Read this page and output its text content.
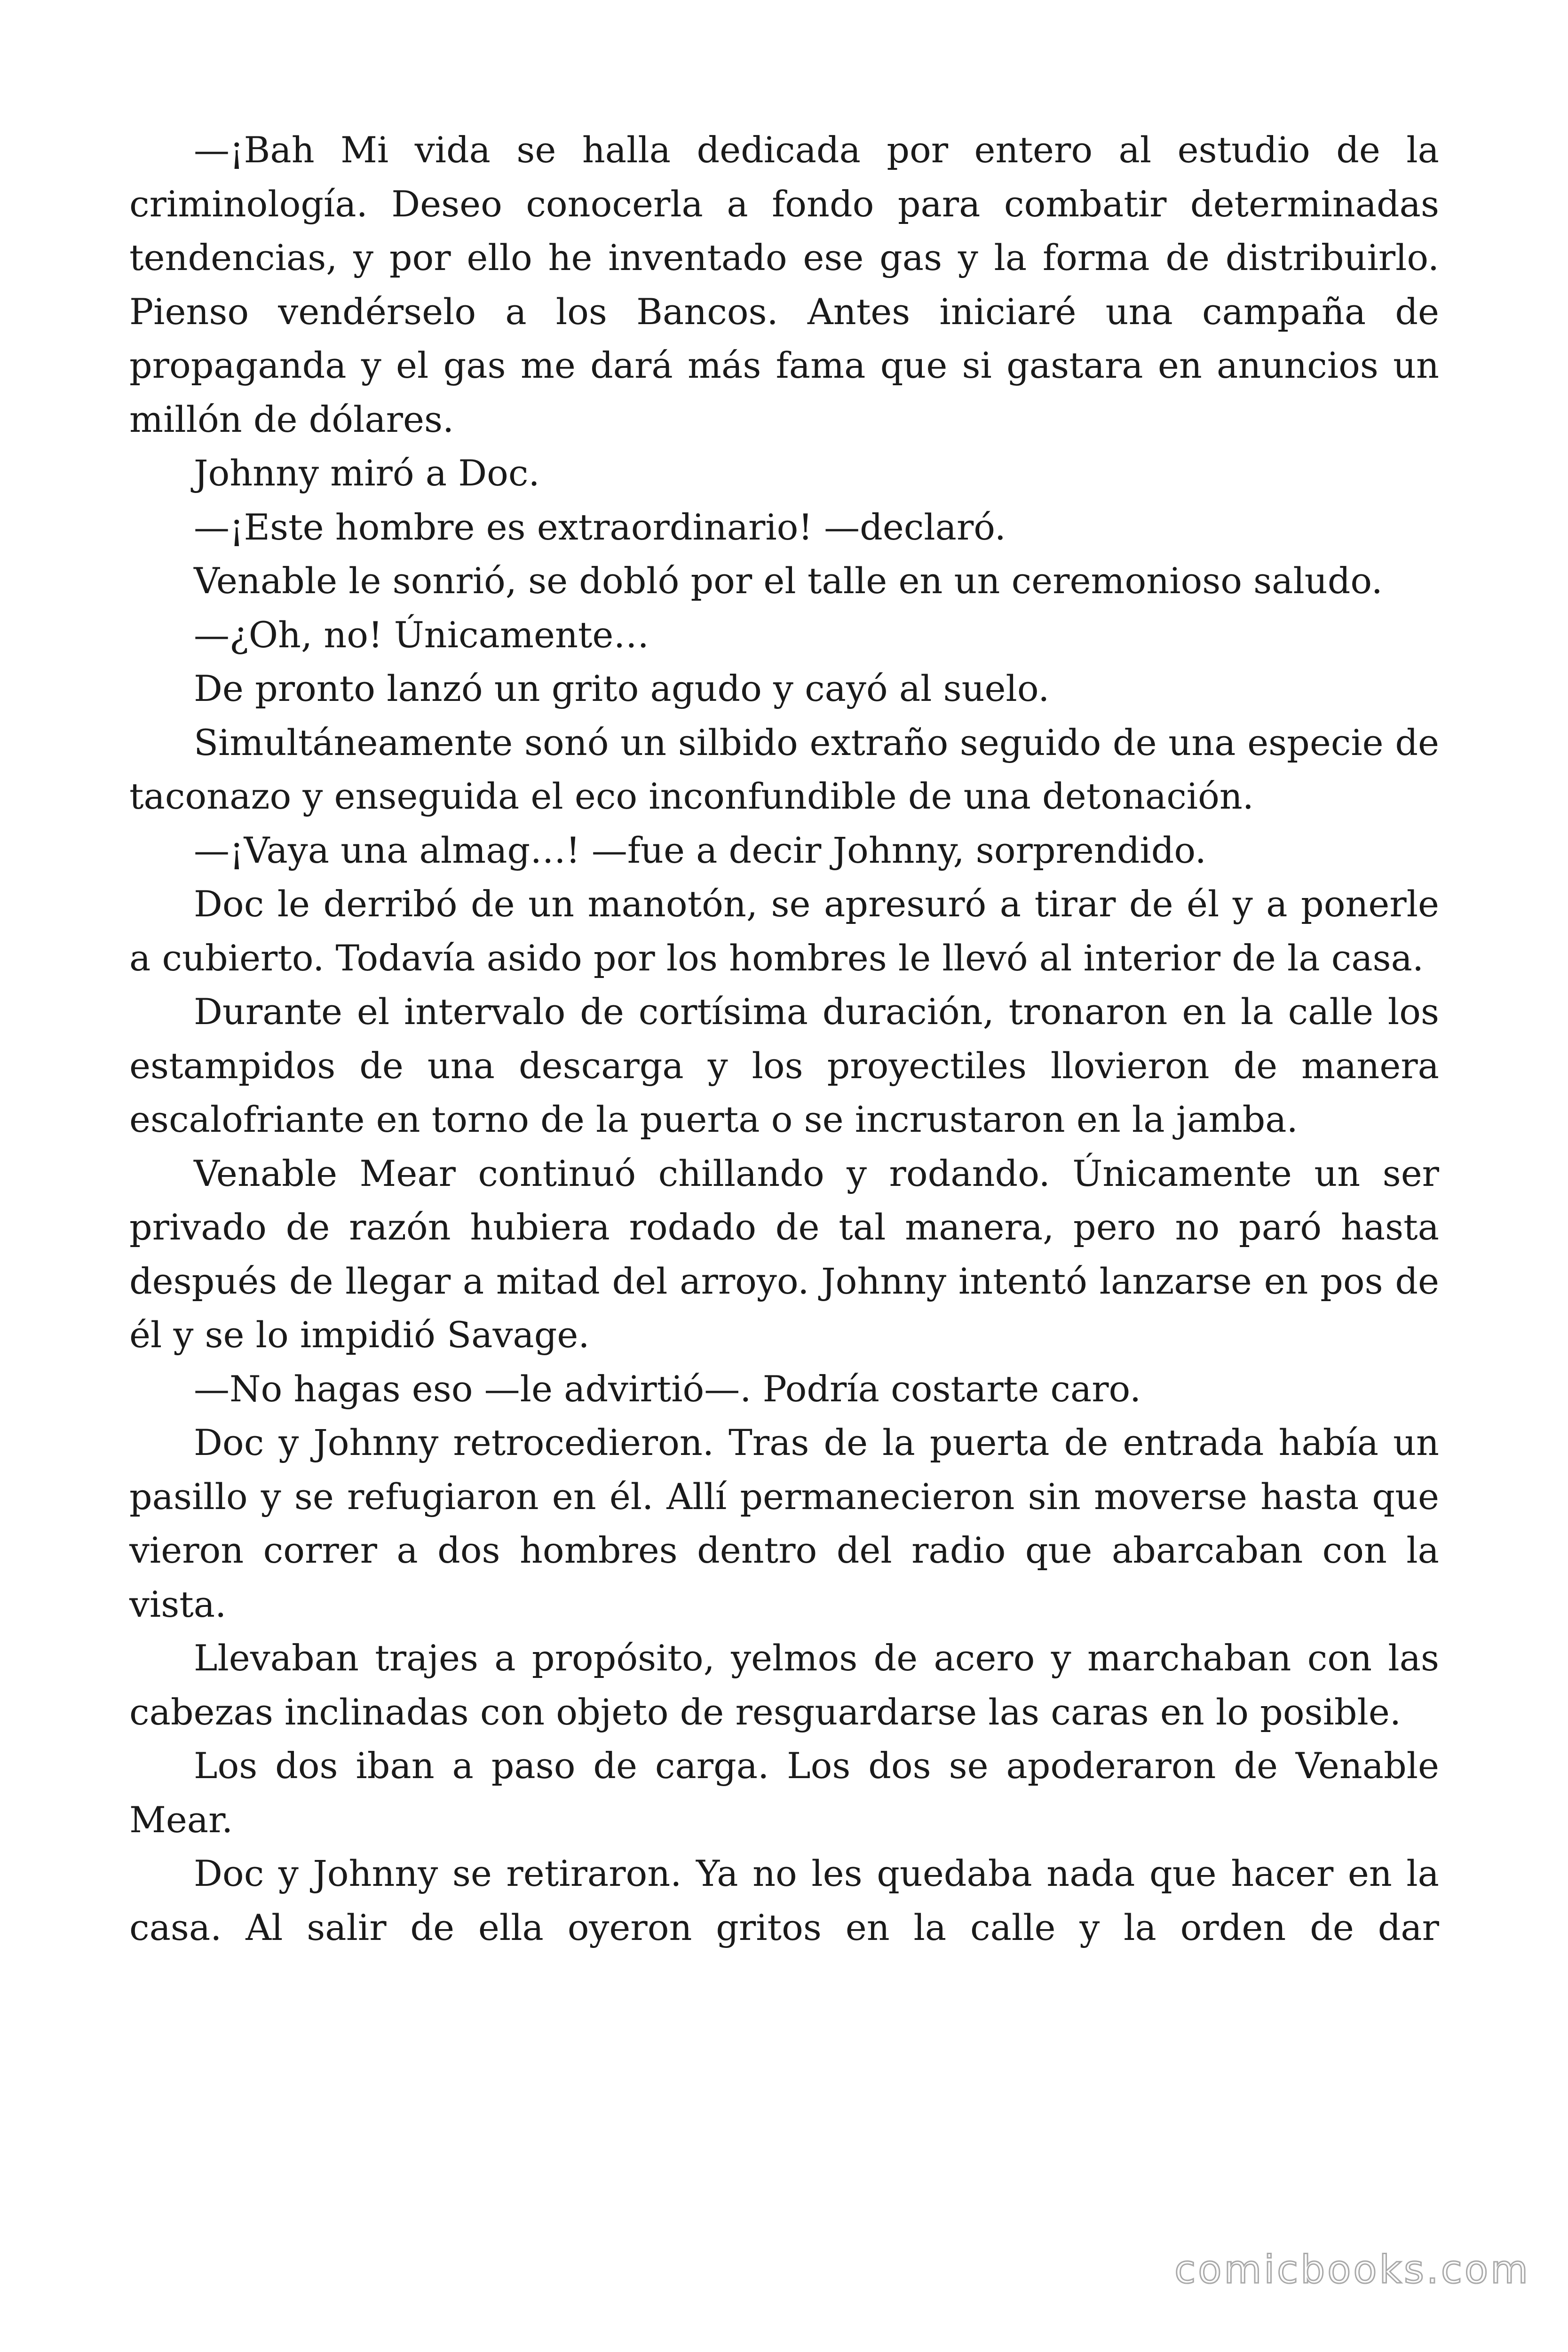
—¡Bah Mi vida se halla dedicada por entero al estudio de la criminología. Deseo conocerla a fondo para combatir determinadas tendencias, y por ello he inventado ese gas y la forma de distribuirlo. Pienso vendérselo a los Bancos. Antes iniciaré una campaña de propaganda y el gas me dará más fama que si gastara en anuncios un millón de dólares.

Johnny miró a Doc.

—¡Este hombre es extraordinario! —declaró.

Venable le sonrió, se dobló por el talle en un ceremonioso saludo.

—¿Oh, no! Únicamente…

De pronto lanzó un grito agudo y cayó al suelo.

Simultáneamente sonó un silbido extraño seguido de una especie de taconazo y enseguida el eco inconfundible de una detonación.

—¡Vaya una almag…! —fue a decir Johnny, sorprendido.

Doc le derribó de un manotón, se apresuró a tirar de él y a ponerle a cubierto. Todavía asido por los hombres le llevó al interior de la casa.

Durante el intervalo de cortísima duración, tronaron en la calle los estampidos de una descarga y los proyectiles llovieron de manera escalofriante en torno de la puerta o se incrustaron en la jamba.

Venable Mear continuó chillando y rodando. Únicamente un ser privado de razón hubiera rodado de tal manera, pero no paró hasta después de llegar a mitad del arroyo. Johnny intentó lanzarse en pos de él y se lo impidió Savage.

—No hagas eso —le advirtió—. Podría costarte caro.

Doc y Johnny retrocedieron. Tras de la puerta de entrada había un pasillo y se refugiaron en él. Allí permanecieron sin moverse hasta que vieron correr a dos hombres dentro del radio que abarcaban con la vista.

Llevaban trajes a propósito, yelmos de acero y marchaban con las cabezas inclinadas con objeto de resguardarse las caras en lo posible.

Los dos iban a paso de carga. Los dos se apoderaron de Venable Mear.

Doc y Johnny se retiraron. Ya no les quedaba nada que hacer en la casa. Al salir de ella oyeron gritos en la calle y la orden de dar

comicbooks.com
